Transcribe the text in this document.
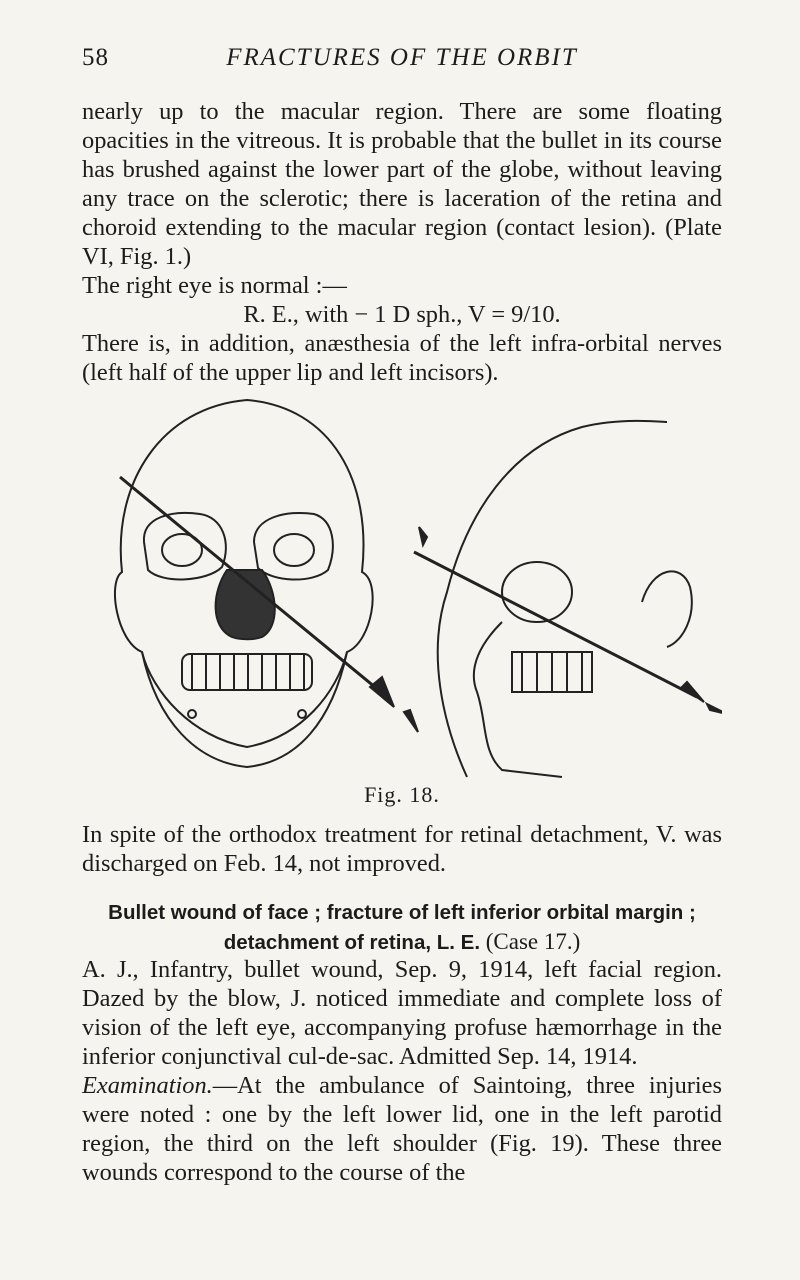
58	FRACTURES OF THE ORBIT

nearly up to the macular region. There are some floating opacities in the vitreous. It is probable that the bullet in its course has brushed against the lower part of the globe, without leaving any trace on the sclerotic; there is laceration of the retina and choroid extending to the macular region (contact lesion). (Plate VI, Fig. 1.)

The right eye is normal :—

R. E., with − 1 D sph., V = 9/10.

There is, in addition, anæsthesia of the left infra-orbital nerves (left half of the upper lip and left incisors).

Fig. 18.

In spite of the orthodox treatment for retinal detachment, V. was discharged on Feb. 14, not improved.

Bullet wound of face ; fracture of left inferior orbital margin ; detachment of retina, L. E. (Case 17.)

A. J., Infantry, bullet wound, Sep. 9, 1914, left facial region. Dazed by the blow, J. noticed immediate and complete loss of vision of the left eye, accompanying profuse hæmorrhage in the inferior conjunctival cul-de-sac. Admitted Sep. 14, 1914.

Examination.—At the ambulance of Saintoing, three injuries were noted : one by the left lower lid, one in the left parotid region, the third on the left shoulder (Fig. 19). These three wounds correspond to the course of the
